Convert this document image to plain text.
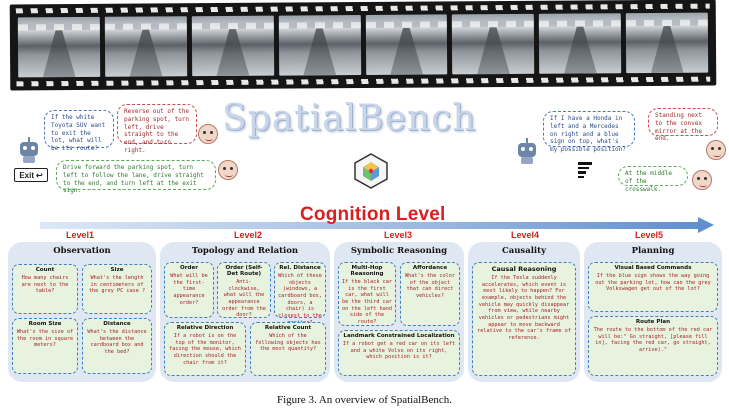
SpatialBench
If the white Toyota SUV want to exit the lot, what will be its route?
Reverse out of the parking spot, turn left, drive straight to the end, and turn right.
Drive forward the parking spot, turn left to follow the lane, drive straight to the end, and turn left at the exit sign.
Exit ↩
If I have a Honda in left and a Mercedes on right and a blue sign on top, what's my possible position?
Standing next to the convex mirror at the end.
At the middle of the crosswalk.
Cognition Level
Level1	Level2	Level3	Level4	Level5
Observation
Count
How many chairs are next to the table?
Size
What's the length in centimeters of the grey PC case ?
Room Size
What's the size of the room in square meters?
Distance
What's the distance between the cardboard box and the bed?
Topology and Relation
Order
What will be the first-time appearance order?
Order (Self-Det Route)
Anti-clockwise, what will the appearance order from the door?
Rel. Distance
Which of these objects (windows, a cardboard box, doors, a chair) is closest to the
Relative Direction
If a robot is on the top of the monitor, facing the mouse, which direction should the chair from it?
Relative Count
Which of the following objects has the most quantity?
Symbolic Reasoning
Multi-Hop Reasoning
If the black car is the first car, what will be the third car on the left hand side of the route?
Affordance
What's the color of the object that can direct vehicles?
Landmark Constrained Localization
If a robot get a red car on its left and a white Volvo on its right, which position is it?
Causality
Causal Reasoning
If the Tesla suddenly accelerates, which event is most likely to happen? For example, objects behind the vehicle may quickly disappear from view, while nearby vehicles or pedestrians might appear to move backward relative to the car's frame of reference.
Planning
Visual Based Commands
If the blue sign shows the way going out the parking lot, how can the grey Volkswagen get out of the lot?
Route Plan
The route to the bottom of the red car will be:" Go straight, [please fill in], facing the red car, go straight, arrive)."
Figure 3. An overview of SpatialBench.
